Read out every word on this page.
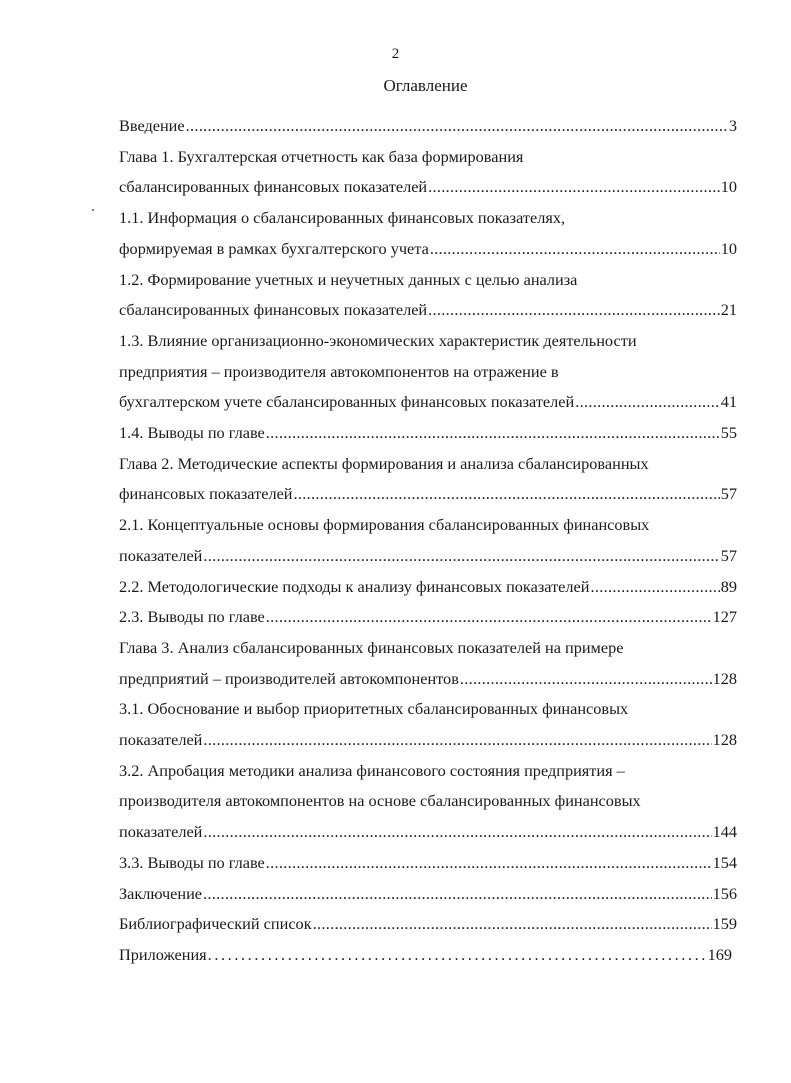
2
Оглавление
Введение .....	3
Глава 1. Бухгалтерская отчетность как база формирования
сбалансированных финансовых показателей .....	10
1.1. Информация о сбалансированных финансовых показателях,
формируемая в рамках бухгалтерского учета .....	10
1.2. Формирование учетных и неучетных данных с целью анализа
сбалансированных финансовых показателей .....	21
1.3. Влияние организационно-экономических характеристик деятельности
предприятия – производителя автокомпонентов на отражение в
бухгалтерском учете сбалансированных финансовых показателей .....	41
1.4. Выводы по главе .....	55
Глава 2. Методические аспекты формирования и анализа сбалансированных
финансовых показателей .....	57
2.1. Концептуальные основы формирования сбалансированных финансовых
показателей .....	57
2.2. Методологические подходы к анализу финансовых показателей .....	89
2.3. Выводы по главе .....	127
Глава 3. Анализ сбалансированных финансовых показателей на примере
предприятий – производителей автокомпонентов .....	128
3.1. Обоснование и выбор приоритетных сбалансированных финансовых
показателей .....	128
3.2. Апробация методики анализа финансового состояния предприятия –
производителя автокомпонентов на основе сбалансированных финансовых
показателей .....	144
3.3. Выводы по главе .....	154
Заключение .....	156
Библиографический список .....	159
Приложения .....	169
